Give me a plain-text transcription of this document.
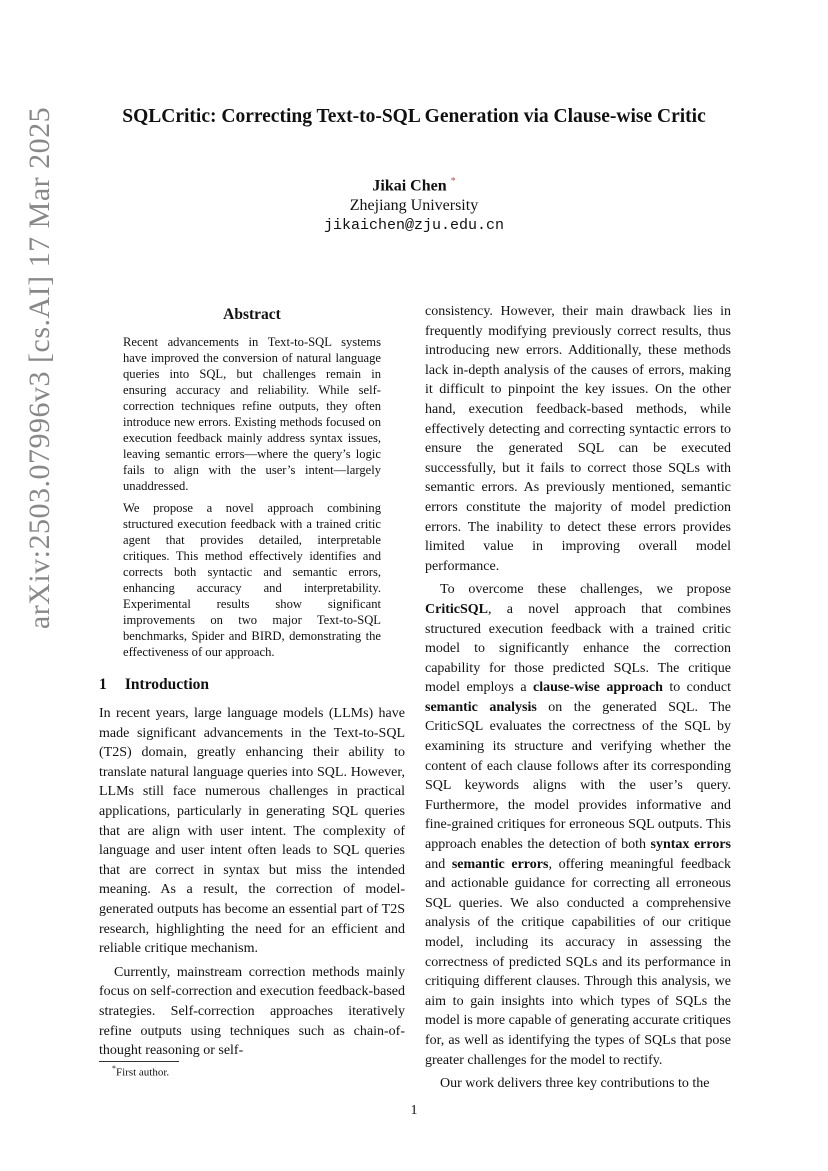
arXiv:2503.07996v3 [cs.AI] 17 Mar 2025	SQLCritic: Correcting Text-to-SQL Generation via Clause-wise Critic
Jikai Chen *
Zhejiang University
jikaichen@zju.edu.cn
Abstract

Recent advancements in Text-to-SQL systems have improved the conversion of natural language queries into SQL, but challenges remain in ensuring accuracy and reliability. While self-correction techniques refine outputs, they often introduce new errors. Existing methods focused on execution feedback mainly address syntax issues, leaving semantic errors—where the query’s logic fails to align with the user’s intent—largely unaddressed.

We propose a novel approach combining structured execution feedback with a trained critic agent that provides detailed, interpretable critiques. This method effectively identifies and corrects both syntactic and semantic errors, enhancing accuracy and interpretability. Experimental results show significant improvements on two major Text-to-SQL benchmarks, Spider and BIRD, demonstrating the effectiveness of our approach.

1 Introduction

In recent years, large language models (LLMs) have made significant advancements in the Text-to-SQL (T2S) domain, greatly enhancing their ability to translate natural language queries into SQL. However, LLMs still face numerous challenges in practical applications, particularly in generating SQL queries that are align with user intent. The complexity of language and user intent often leads to SQL queries that are correct in syntax but miss the intended meaning. As a result, the correction of model-generated outputs has become an essential part of T2S research, highlighting the need for an efficient and reliable critique mechanism.

Currently, mainstream correction methods mainly focus on self-correction and execution feedback-based strategies. Self-correction approaches iteratively refine outputs using techniques such as chain-of-thought reasoning or self-

consistency. However, their main drawback lies in frequently modifying previously correct results, thus introducing new errors. Additionally, these methods lack in-depth analysis of the causes of errors, making it difficult to pinpoint the key issues. On the other hand, execution feedback-based methods, while effectively detecting and correcting syntactic errors to ensure the generated SQL can be executed successfully, but it fails to correct those SQLs with semantic errors. As previously mentioned, semantic errors constitute the majority of model prediction errors. The inability to detect these errors provides limited value in improving overall model performance.

To overcome these challenges, we propose CriticSQL, a novel approach that combines structured execution feedback with a trained critic model to significantly enhance the correction capability for those predicted SQLs. The critique model employs a clause-wise approach to conduct semantic analysis on the generated SQL. The CriticSQL evaluates the correctness of the SQL by examining its structure and verifying whether the content of each clause follows after its corresponding SQL keywords aligns with the user’s query. Furthermore, the model provides informative and fine-grained critiques for erroneous SQL outputs. This approach enables the detection of both syntax errors and semantic errors, offering meaningful feedback and actionable guidance for correcting all erroneous SQL queries. We also conducted a comprehensive analysis of the critique capabilities of our critique model, including its accuracy in assessing the correctness of predicted SQLs and its performance in critiquing different clauses. Through this analysis, we aim to gain insights into which types of SQLs the model is more capable of generating accurate critiques for, as well as identifying the types of SQLs that pose greater challenges for the model to rectify.

Our work delivers three key contributions to the

*First author.
1
